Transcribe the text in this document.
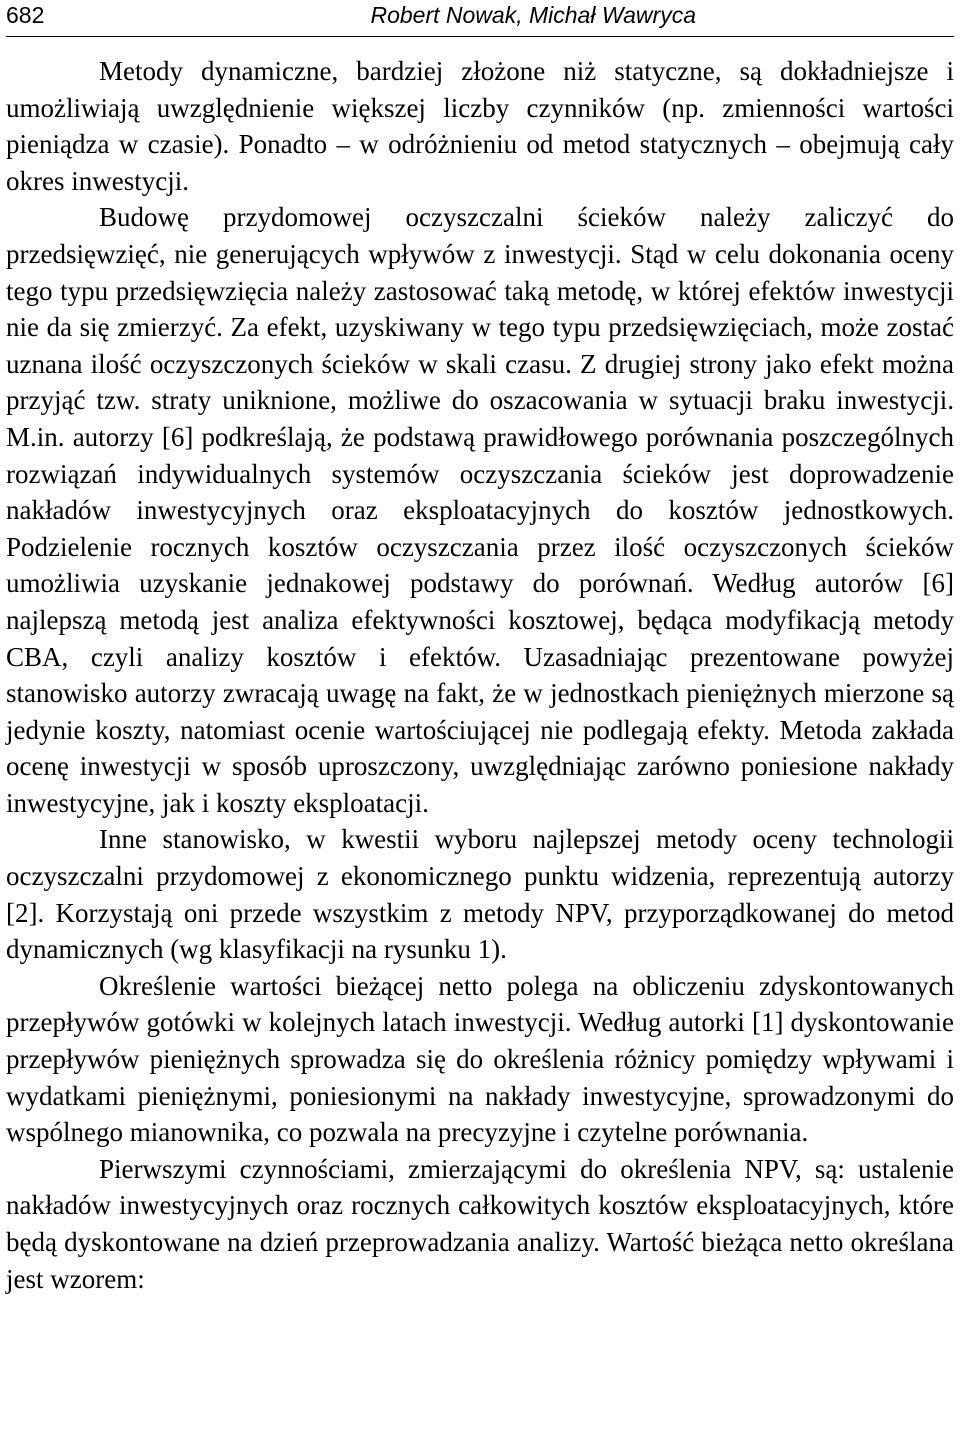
682	Robert Nowak, Michał Wawryca

Metody dynamiczne, bardziej złożone niż statyczne, są dokładniejsze i umożliwiają uwzględnienie większej liczby czynników (np. zmienności wartości pieniądza w czasie). Ponadto – w odróżnieniu od metod statycznych – obejmują cały okres inwestycji.

Budowę przydomowej oczyszczalni ścieków należy zaliczyć do przedsięwzięć, nie generujących wpływów z inwestycji. Stąd w celu dokonania oceny tego typu przedsięwzięcia należy zastosować taką metodę, w której efektów inwestycji nie da się zmierzyć. Za efekt, uzyskiwany w tego typu przedsięwzięciach, może zostać uznana ilość oczyszczonych ścieków w skali czasu. Z drugiej strony jako efekt można przyjąć tzw. straty uniknione, możliwe do oszacowania w sytuacji braku inwestycji. M.in. autorzy [6] podkreślają, że podstawą prawidłowego porównania poszczególnych rozwiązań indywidualnych systemów oczyszczania ścieków jest doprowadzenie nakładów inwestycyjnych oraz eksploatacyjnych do kosztów jednostkowych. Podzielenie rocznych kosztów oczyszczania przez ilość oczyszczonych ścieków umożliwia uzyskanie jednakowej podstawy do porównań. Według autorów [6] najlepszą metodą jest analiza efektywności kosztowej, będąca modyfikacją metody CBA, czyli analizy kosztów i efektów. Uzasadniając prezentowane powyżej stanowisko autorzy zwracają uwagę na fakt, że w jednostkach pieniężnych mierzone są jedynie koszty, natomiast ocenie wartościującej nie podlegają efekty. Metoda zakłada ocenę inwestycji w sposób uproszczony, uwzględniając zarówno poniesione nakłady inwestycyjne, jak i koszty eksploatacji.

Inne stanowisko, w kwestii wyboru najlepszej metody oceny technologii oczyszczalni przydomowej z ekonomicznego punktu widzenia, reprezentują autorzy [2]. Korzystają oni przede wszystkim z metody NPV, przyporządkowanej do metod dynamicznych (wg klasyfikacji na rysunku 1).

Określenie wartości bieżącej netto polega na obliczeniu zdyskontowanych przepływów gotówki w kolejnych latach inwestycji. Według autorki [1] dyskontowanie przepływów pieniężnych sprowadza się do określenia różnicy pomiędzy wpływami i wydatkami pieniężnymi, poniesionymi na nakłady inwestycyjne, sprowadzonymi do wspólnego mianownika, co pozwala na precyzyjne i czytelne porównania.

Pierwszymi czynnościami, zmierzającymi do określenia NPV, są: ustalenie nakładów inwestycyjnych oraz rocznych całkowitych kosztów eksploatacyjnych, które będą dyskontowane na dzień przeprowadzania analizy. Wartość bieżąca netto określana jest wzorem:
